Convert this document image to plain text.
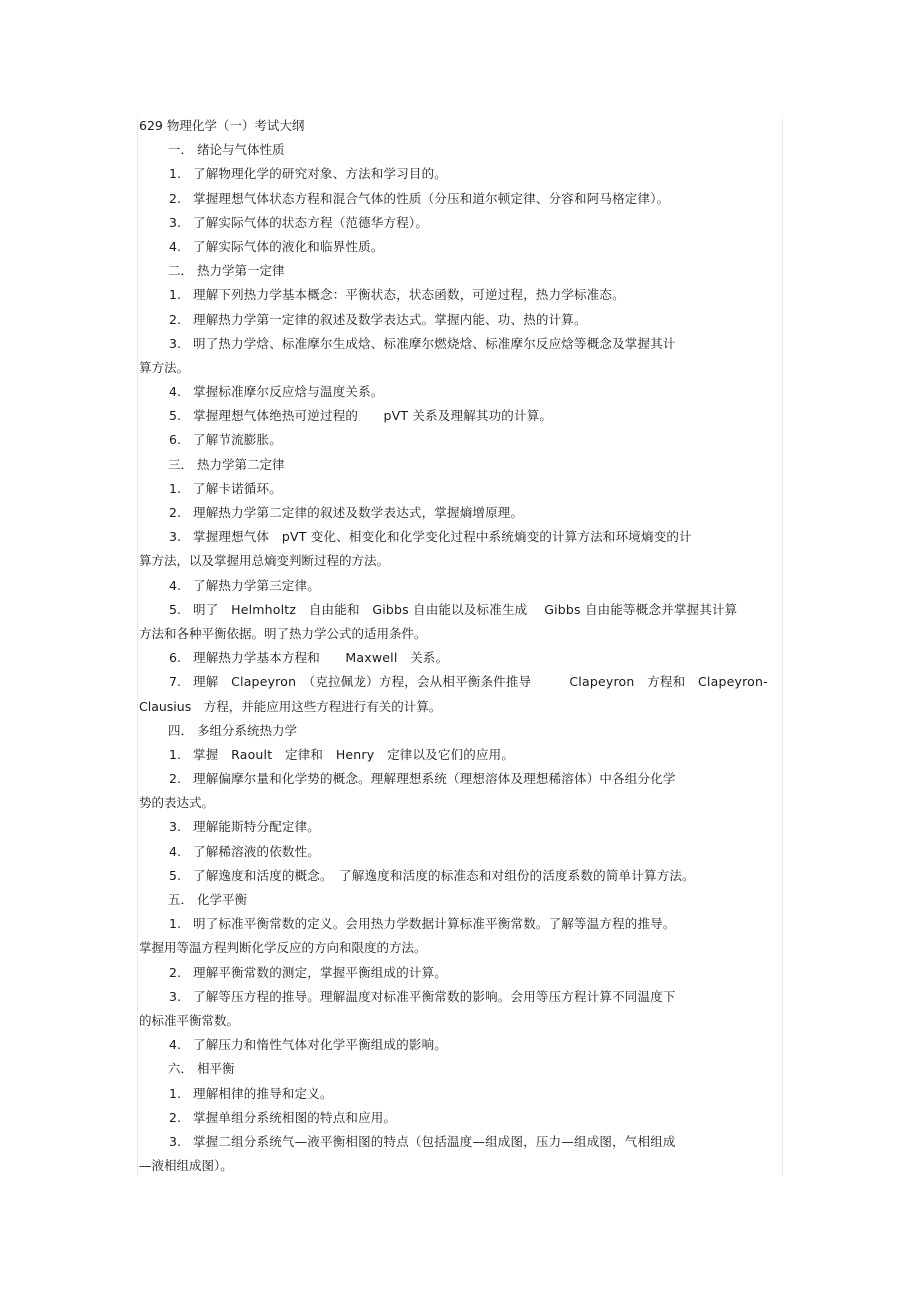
629 物理化学（一）考试大纲
一． 绪论与气体性质
1. 了解物理化学的研究对象、方法和学习目的。
2. 掌握理想气体状态方程和混合气体的性质（分压和道尔顿定律、分容和阿马格定律）。
3. 了解实际气体的状态方程（范德华方程）。
4. 了解实际气体的液化和临界性质。
二． 热力学第一定律
1. 理解下列热力学基本概念：平衡状态，状态函数，可逆过程，热力学标准态。
2. 理解热力学第一定律的叙述及数学表达式。掌握内能、功、热的计算。
3. 明了热力学焓、标准摩尔生成焓、标准摩尔燃烧焓、标准摩尔反应焓等概念及掌握其计
算方法。
4. 掌握标准摩尔反应焓与温度关系。
5. 掌握理想气体绝热可逆过程的　　pVT 关系及理解其功的计算。
6. 了解节流膨胀。
三． 热力学第二定律
1. 了解卡诺循环。
2. 理解热力学第二定律的叙述及数学表达式，掌握熵增原理。
3. 掌握理想气体　pVT 变化、相变化和化学变化过程中系统熵变的计算方法和环境熵变的计
算方法，以及掌握用总熵变判断过程的方法。
4. 了解热力学第三定律。
5. 明了　Helmholtz　自由能和　Gibbs 自由能以及标准生成　 Gibbs 自由能等概念并掌握其计算
方法和各种平衡依据。明了热力学公式的适用条件。
6. 理解热力学基本方程和　　Maxwell　关系。
7. 理解　Clapeyron　（克拉佩龙）方程，会从相平衡条件推导　　　Clapeyron　方程和　Clapeyron-
Clausius　方程，并能应用这些方程进行有关的计算。
四． 多组分系统热力学
1. 掌握　Raoult　定律和　Henry　定律以及它们的应用。
2. 理解偏摩尔量和化学势的概念。理解理想系统（理想溶体及理想稀溶体）中各组分化学
势的表达式。
3. 理解能斯特分配定律。
4. 了解稀溶液的依数性。
5. 了解逸度和活度的概念。　了解逸度和活度的标准态和对组份的活度系数的简单计算方法。
五． 化学平衡
1. 明了标准平衡常数的定义。会用热力学数据计算标准平衡常数。了解等温方程的推导。
掌握用等温方程判断化学反应的方向和限度的方法。
2. 理解平衡常数的测定，掌握平衡组成的计算。
3. 了解等压方程的推导。理解温度对标准平衡常数的影响。会用等压方程计算不同温度下
的标准平衡常数。
4. 了解压力和惰性气体对化学平衡组成的影响。
六． 相平衡
1. 理解相律的推导和定义。
2. 掌握单组分系统相图的特点和应用。
3. 掌握二组分系统气—液平衡相图的特点（包括温度—组成图，压力—组成图，气相组成
—液相组成图）。
